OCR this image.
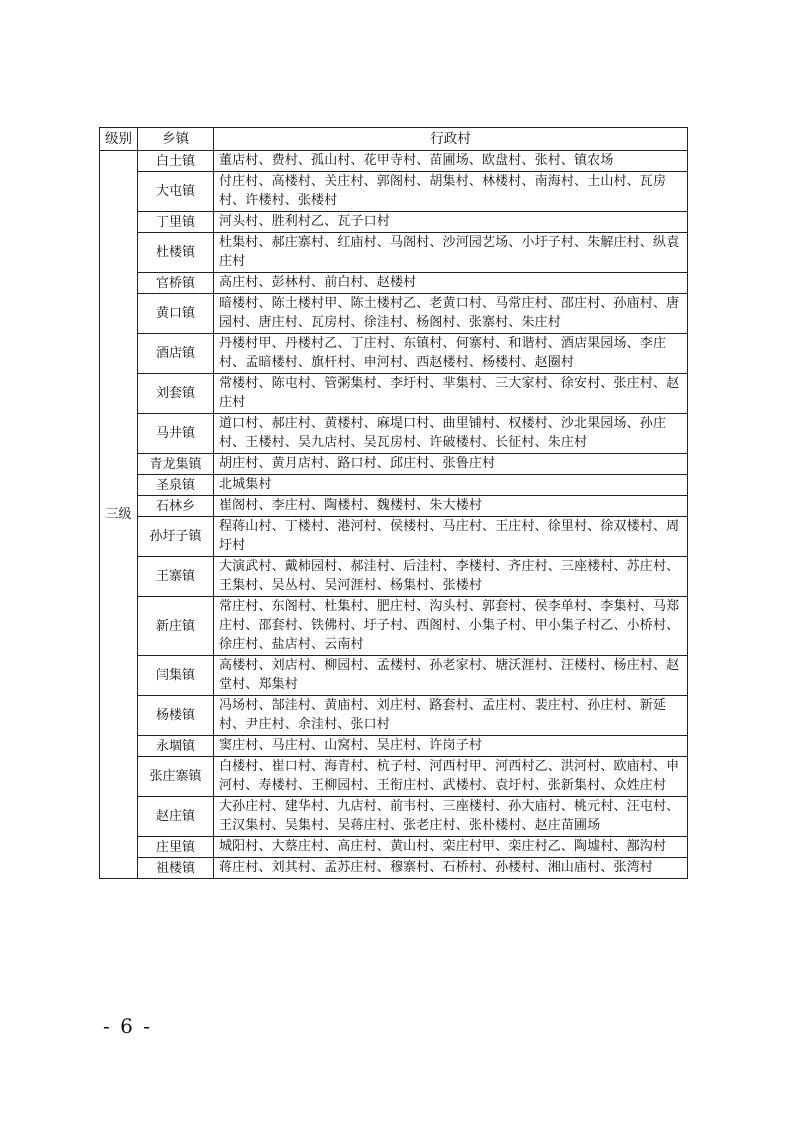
级别	乡镇	行政村
三级	白土镇	董店村、费村、孤山村、花甲寺村、苗圃场、欧盘村、张村、镇农场
	大屯镇	付庄村、高楼村、关庄村、郭阁村、胡集村、林楼村、南海村、土山村、瓦房村、许楼村、张楼村
	丁里镇	河头村、胜利村乙、瓦子口村
	杜楼镇	杜集村、郝庄寨村、红庙村、马阁村、沙河园艺场、小圩子村、朱解庄村、纵袁庄村
	官桥镇	高庄村、彭林村、前白村、赵楼村
	黄口镇	暗楼村、陈土楼村甲、陈土楼村乙、老黄口村、马常庄村、邵庄村、孙庙村、唐园村、唐庄村、瓦房村、徐洼村、杨阁村、张寨村、朱庄村
	酒店镇	丹楼村甲、丹楼村乙、丁庄村、东镇村、何寨村、和谐村、酒店果园场、李庄村、孟暗楼村、旗杆村、申河村、西赵楼村、杨楼村、赵圈村
	刘套镇	常楼村、陈屯村、管粥集村、李圩村、芈集村、三大家村、徐安村、张庄村、赵庄村
	马井镇	道口村、郝庄村、黄楼村、麻堤口村、曲里铺村、权楼村、沙北果园场、孙庄村、王楼村、吴九店村、吴瓦房村、许破楼村、长征村、朱庄村
	青龙集镇	胡庄村、黄月店村、路口村、邱庄村、张鲁庄村
	圣泉镇	北城集村
	石林乡	崔阁村、李庄村、陶楼村、魏楼村、朱大楼村
	孙圩子镇	程蒋山村、丁楼村、港河村、侯楼村、马庄村、王庄村、徐里村、徐双楼村、周圩村
	王寨镇	大演武村、戴柿园村、郝洼村、后洼村、李楼村、齐庄村、三座楼村、苏庄村、王集村、吴丛村、吴河涯村、杨集村、张楼村
	新庄镇	常庄村、东阁村、杜集村、肥庄村、沟头村、郭套村、侯李单村、李集村、马郑庄村、邵套村、铁佛村、圩子村、西阁村、小集子村、甲小集子村乙、小桥村、徐庄村、盐店村、云南村
	闫集镇	高楼村、刘店村、柳园村、孟楼村、孙老家村、塘沃涯村、汪楼村、杨庄村、赵堂村、郑集村
	杨楼镇	冯场村、郜洼村、黄庙村、刘庄村、路套村、孟庄村、裴庄村、孙庄村、新延村、尹庄村、余洼村、张口村
	永堌镇	窦庄村、马庄村、山窝村、吴庄村、许岗子村
	张庄寨镇	白楼村、崔口村、海青村、杭子村、河西村甲、河西村乙、洪河村、欧庙村、申河村、寿楼村、王柳园村、王衔庄村、武楼村、袁圩村、张新集村、众姓庄村
	赵庄镇	大孙庄村、建华村、九店村、前韦村、三座楼村、孙大庙村、桃元村、汪屯村、王汉集村、吴集村、吴蒋庄村、张老庄村、张朴楼村、赵庄苗圃场
	庄里镇	城阳村、大蔡庄村、高庄村、黄山村、栾庄村甲、栾庄村乙、陶墟村、鄯沟村
	祖楼镇	蒋庄村、刘其村、孟苏庄村、穆寨村、石桥村、孙楼村、湘山庙村、张湾村
- 6 -
